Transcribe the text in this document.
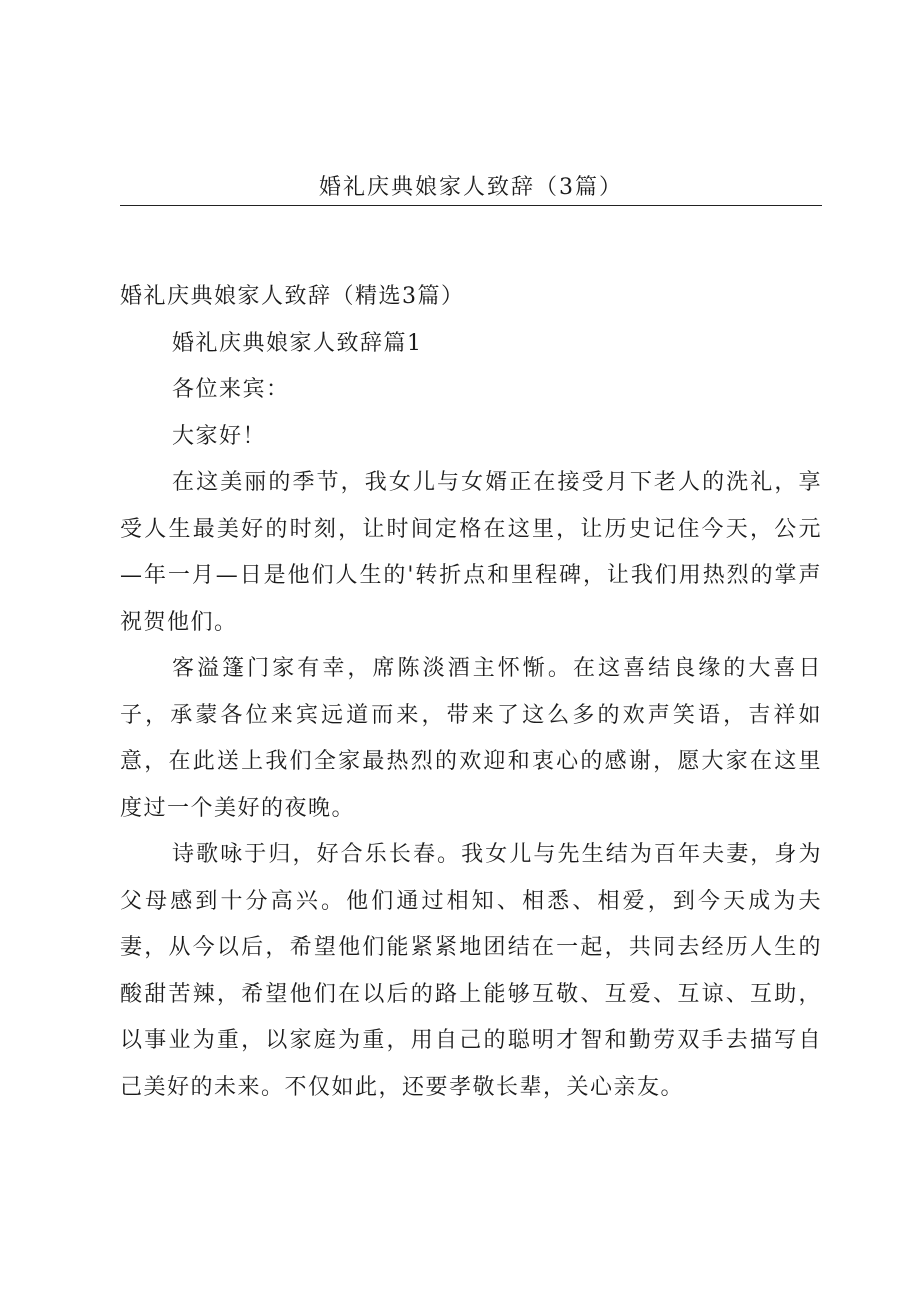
婚礼庆典娘家人致辞（3篇）

婚礼庆典娘家人致辞（精选3篇）

婚礼庆典娘家人致辞篇1

各位来宾：

大家好！

在这美丽的季节，我女儿与女婿正在接受月下老人的洗礼，享受人生最美好的时刻，让时间定格在这里，让历史记住今天，公元—年一月—日是他们人生的'转折点和里程碑，让我们用热烈的掌声祝贺他们。

客溢篷门家有幸，席陈淡酒主怀惭。在这喜结良缘的大喜日子，承蒙各位来宾远道而来，带来了这么多的欢声笑语，吉祥如意，在此送上我们全家最热烈的欢迎和衷心的感谢，愿大家在这里度过一个美好的夜晚。

诗歌咏于归，好合乐长春。我女儿与先生结为百年夫妻，身为父母感到十分高兴。他们通过相知、相悉、相爱，到今天成为夫妻，从今以后，希望他们能紧紧地团结在一起，共同去经历人生的酸甜苦辣，希望他们在以后的路上能够互敬、互爱、互谅、互助，以事业为重，以家庭为重，用自己的聪明才智和勤劳双手去描写自己美好的未来。不仅如此，还要孝敬长辈，关心亲友。
